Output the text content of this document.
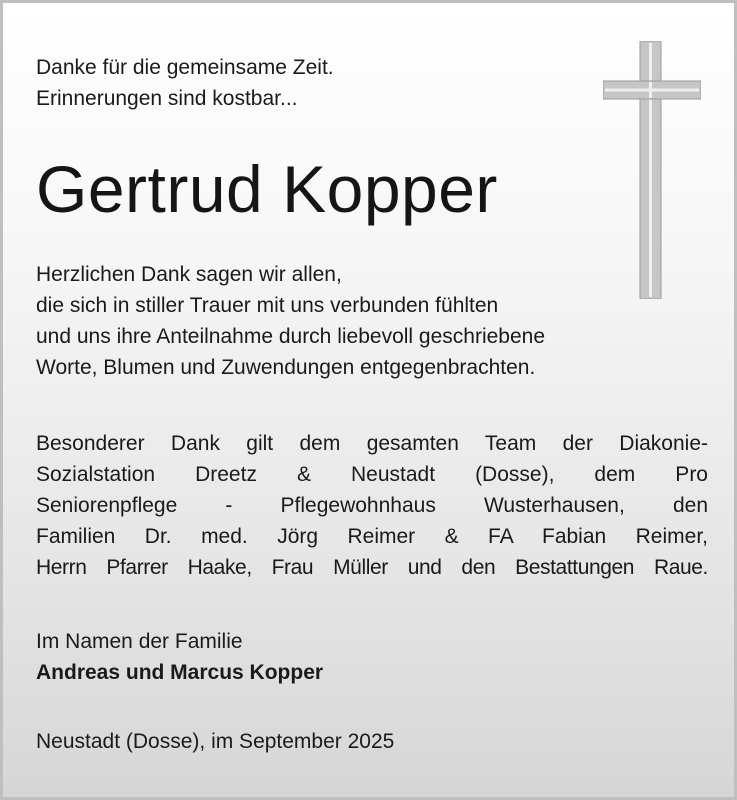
Danke für die gemeinsame Zeit.
Erinnerungen sind kostbar...
Gertrud Kopper
Herzlichen Dank sagen wir allen,
die sich in stiller Trauer mit uns verbunden fühlten
und uns ihre Anteilnahme durch liebevoll geschriebene
Worte, Blumen und Zuwendungen entgegenbrachten.
Besonderer Dank gilt dem gesamten Team der Diakonie-
Sozialstation Dreetz & Neustadt (Dosse), dem Pro
Seniorenpflege - Pflegewohnhaus Wusterhausen, den
Familien Dr. med. Jörg Reimer & FA Fabian Reimer,
Herrn Pfarrer Haake, Frau Müller und den Bestattungen Raue.
Im Namen der Familie
Andreas und Marcus Kopper
Neustadt (Dosse), im September 2025
